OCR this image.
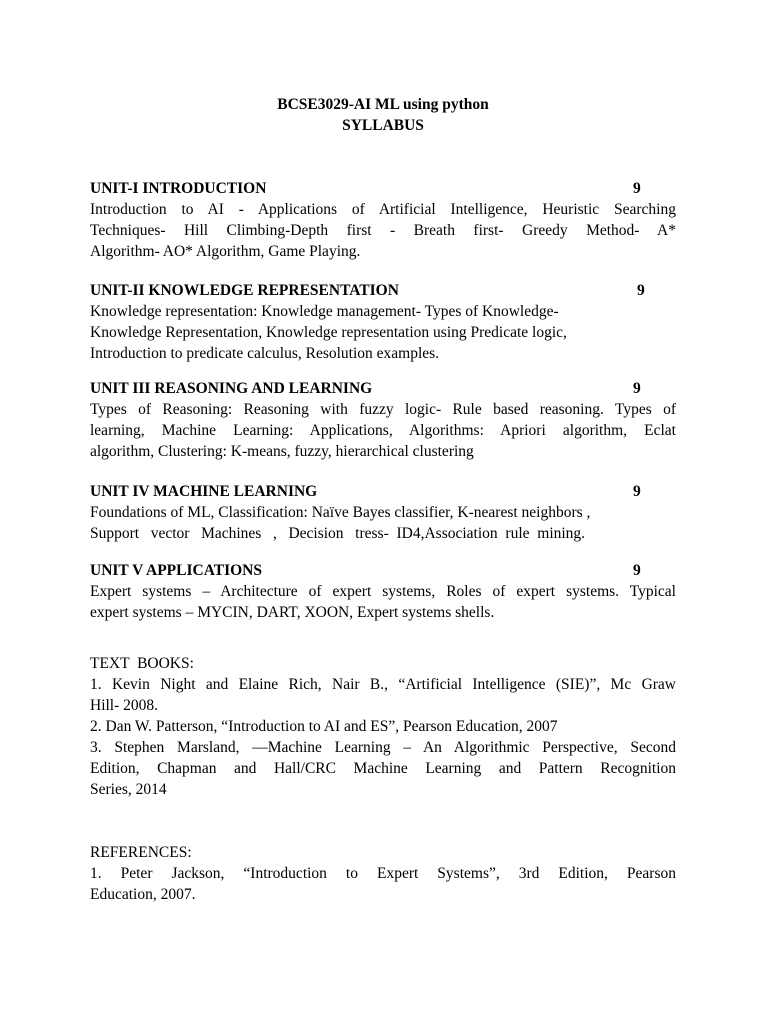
BCSE3029-AI ML using python
SYLLABUS
UNIT-I INTRODUCTION	9
Introduction to AI - Applications of Artificial Intelligence, Heuristic Searching
Techniques- Hill Climbing-Depth first - Breath first- Greedy Method- A*
Algorithm- AO* Algorithm, Game Playing.
UNIT-II KNOWLEDGE REPRESENTATION	9
Knowledge representation: Knowledge management- Types of Knowledge-
Knowledge Representation, Knowledge representation using Predicate logic,
Introduction to predicate calculus, Resolution examples.
UNIT III REASONING AND LEARNING	9
Types of Reasoning: Reasoning with fuzzy logic- Rule based reasoning. Types of
learning, Machine Learning: Applications, Algorithms: Apriori algorithm, Eclat
algorithm, Clustering: K-means, fuzzy, hierarchical clustering
UNIT IV MACHINE LEARNING	9
Foundations of ML, Classification: Naïve Bayes classifier, K-nearest neighbors ,
Support   vector   Machines   ,   Decision   tress-  ID4,Association  rule  mining.
UNIT V APPLICATIONS	9
Expert systems – Architecture of expert systems, Roles of expert systems. Typical
expert systems – MYCIN, DART, XOON, Expert systems shells.
TEXT  BOOKS:
1. Kevin Night and Elaine Rich, Nair B., “Artificial Intelligence (SIE)”, Mc Graw
Hill- 2008.
2. Dan W. Patterson, “Introduction to AI and ES”, Pearson Education, 2007
3. Stephen Marsland, —Machine Learning – An Algorithmic Perspective, Second
Edition, Chapman and Hall/CRC Machine Learning and Pattern Recognition
Series, 2014
REFERENCES:
1. Peter Jackson, “Introduction to Expert Systems”, 3rd Edition, Pearson
Education, 2007.
